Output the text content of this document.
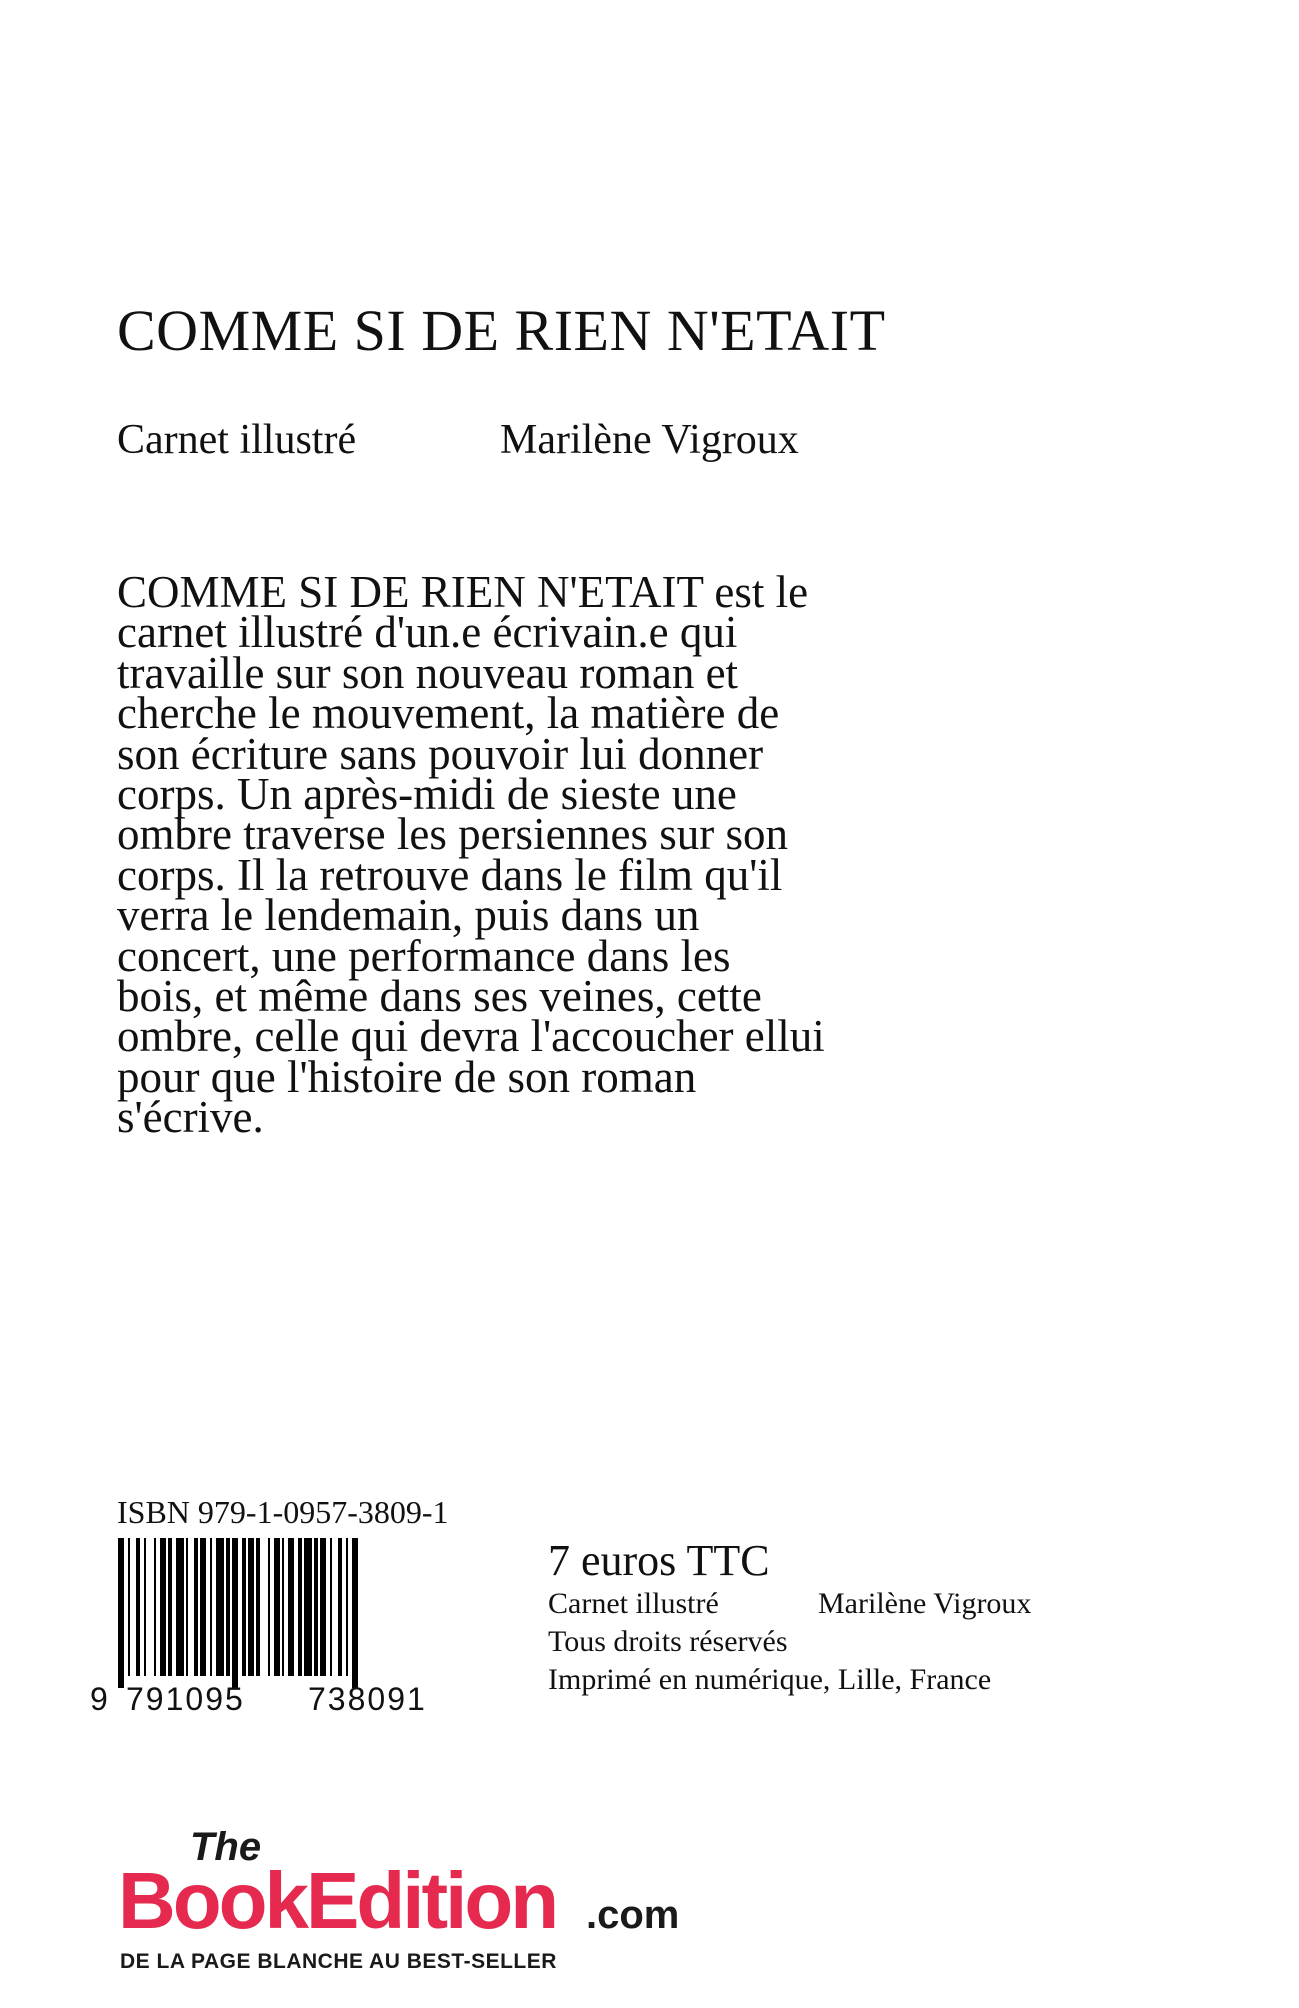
COMME SI DE RIEN N'ETAIT
Carnet illustré	Marilène Vigroux
COMME SI DE RIEN N'ETAIT est le
carnet illustré d'un.e écrivain.e qui
travaille sur son nouveau roman et
cherche le mouvement, la matière de
son écriture sans pouvoir lui donner
corps. Un après-midi de sieste une
ombre traverse les persiennes sur son
corps. Il la retrouve dans le film qu'il
verra le lendemain, puis dans un
concert, une performance dans les
bois, et même dans ses veines, cette
ombre, celle qui devra l'accoucher ellui
pour que l'histoire de son roman
s'écrive.
ISBN 979-1-0957-3809-1
9 791095 738091
7 euros TTC
Carnet illustré	Marilène Vigroux
Tous droits réservés
Imprimé en numérique, Lille, France
The
BookEdition .com
DE LA PAGE BLANCHE AU BEST-SELLER
